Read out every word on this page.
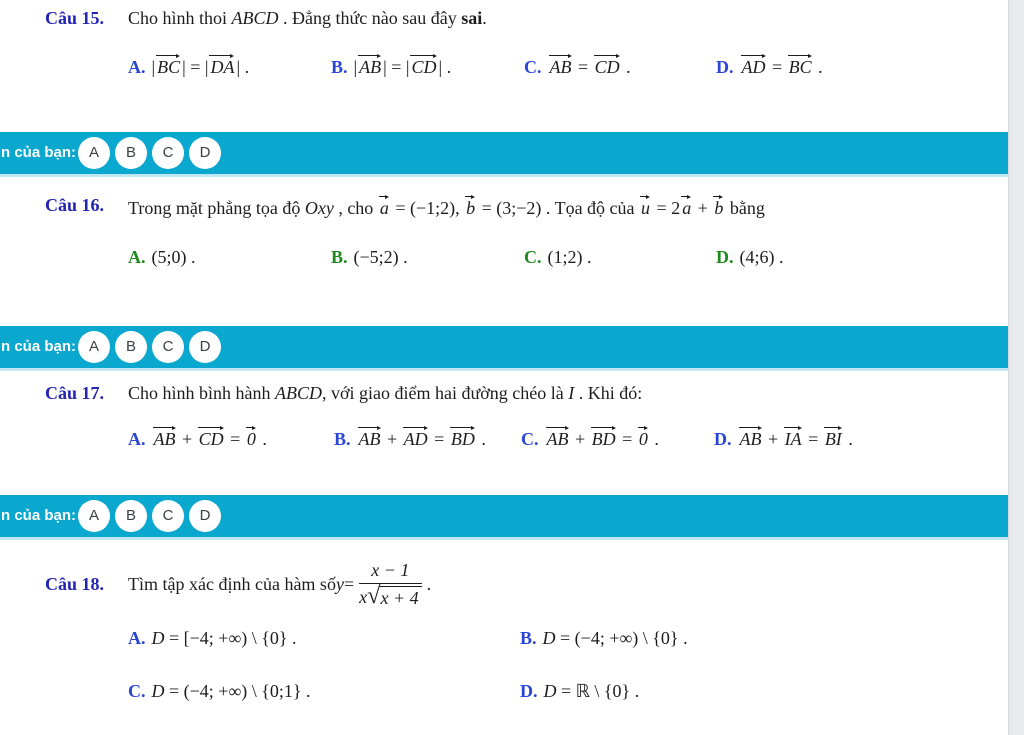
Câu 15. Cho hình thoi ABCD . Đẳng thức nào sau đây sai.
A. | BC | = | DA | .	B. | AB | = | CD | .	C. AB = CD .	D. AD = BC .
n của bạn: A	B	C	D
Câu 16. Trong mặt phẳng tọa độ Oxy , cho a = (−1;2), b = (3;−2) . Tọa độ của u = 2 a + b bằng
A. (5;0) .	B. (−5;2) .	C. (1;2) .	D. (4;6) .
n của bạn: A	B	C	D
Câu 17. Cho hình bình hành ABCD, với giao điểm hai đường chéo là I . Khi đó:
A. AB + CD = 0 .	B. AB + AD = BD . C. AB + BD = 0 .	D. AB + IA = BI .
n của bạn: A	B	C	D
Câu 18. Tìm tập xác định của hàm số $y = \frac{x - 1}{x √ x + 4}$ .
A. D = [−4; +∞) \ {0} .	B. D = (−4; +∞) \ {0} .
C. D = (−4; +∞) \ {0;1} .	D. D = ℝ \ {0} .
